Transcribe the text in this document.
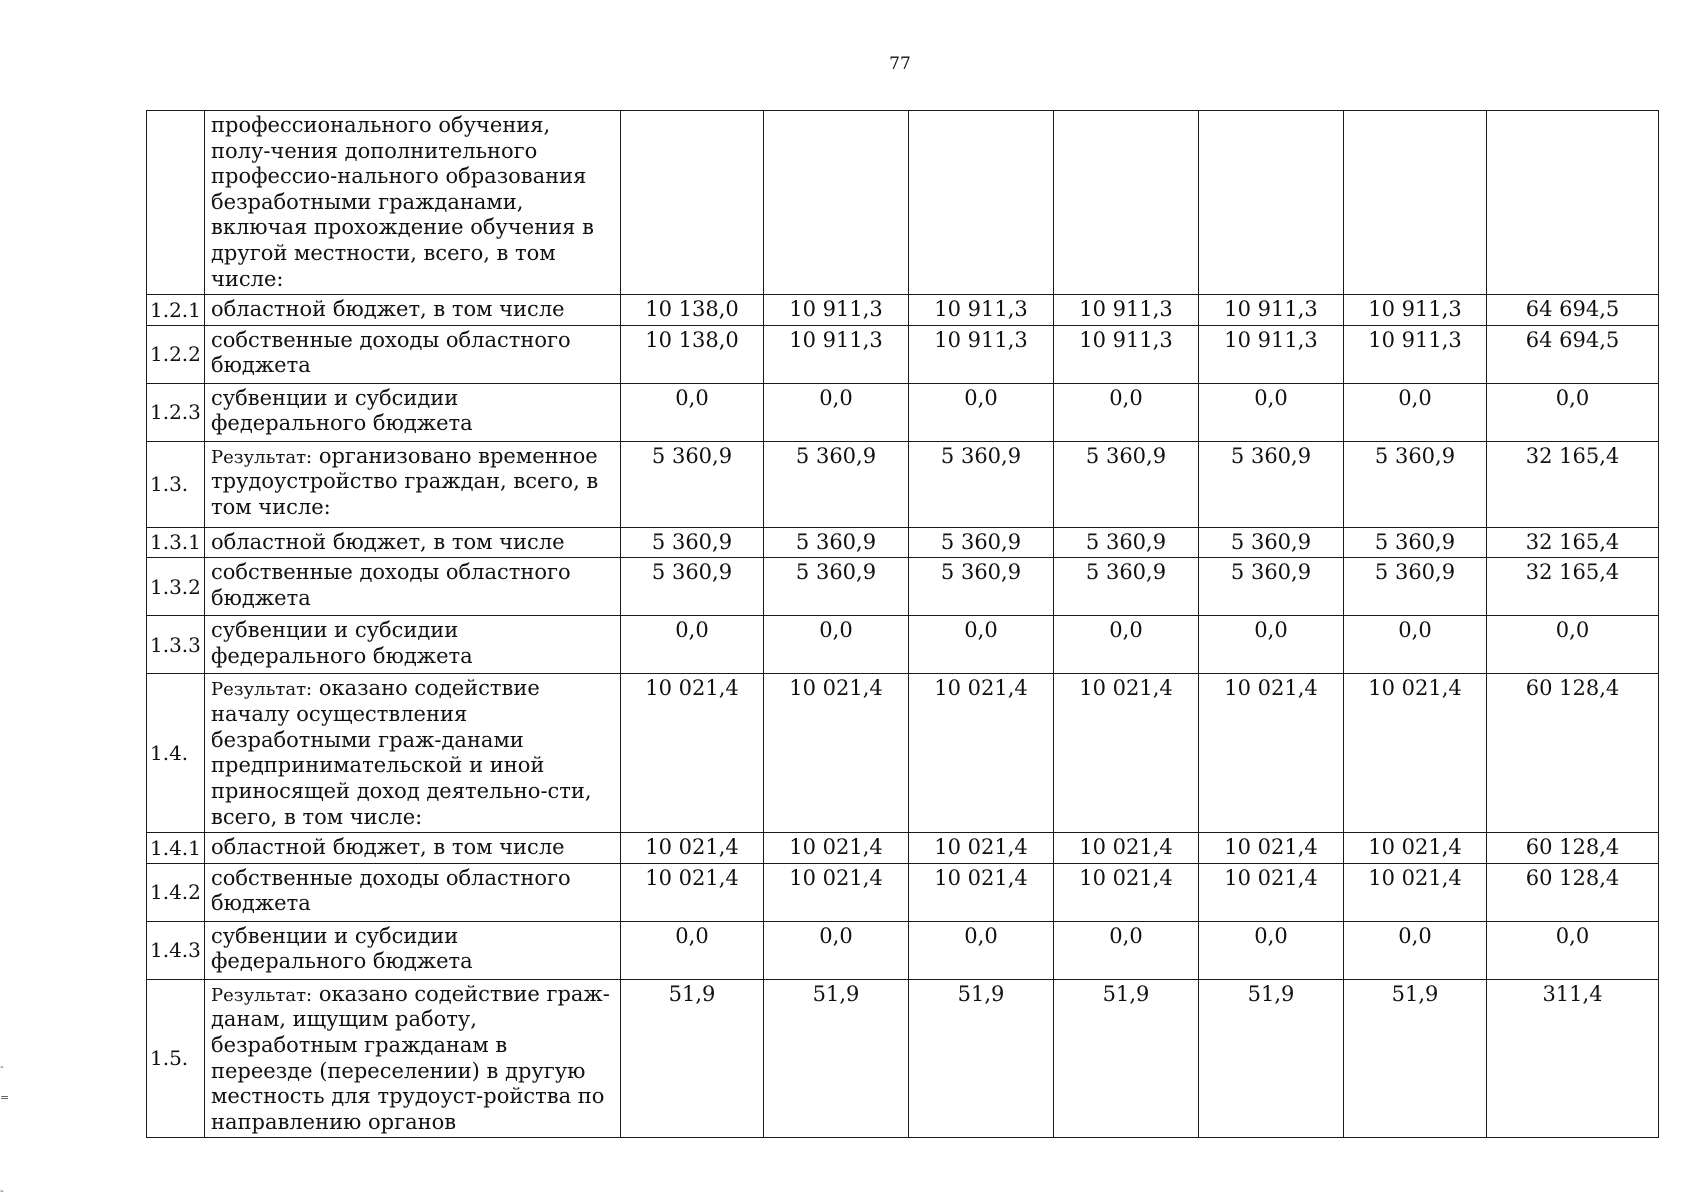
77
	профессионального обучения, полу-чения дополнительного профессио-нального образования безработными гражданами, включая прохождение обучения в другой местности, всего, в том числе:							
1.2.1	областной бюджет, в том числе	10 138,0	10 911,3	10 911,3	10 911,3	10 911,3	10 911,3	64 694,5
1.2.2	собственные доходы областного бюджета	10 138,0	10 911,3	10 911,3	10 911,3	10 911,3	10 911,3	64 694,5
1.2.3	субвенции и субсидии федерального бюджета	0,0	0,0	0,0	0,0	0,0	0,0	0,0
1.3.	Результат: организовано временное трудоустройство граждан, всего, в том числе:	5 360,9	5 360,9	5 360,9	5 360,9	5 360,9	5 360,9	32 165,4
1.3.1	областной бюджет, в том числе	5 360,9	5 360,9	5 360,9	5 360,9	5 360,9	5 360,9	32 165,4
1.3.2	собственные доходы областного бюджета	5 360,9	5 360,9	5 360,9	5 360,9	5 360,9	5 360,9	32 165,4
1.3.3	субвенции и субсидии федерального бюджета	0,0	0,0	0,0	0,0	0,0	0,0	0,0
1.4.	Результат: оказано содействие началу осуществления безработными граж-данами предпринимательской и иной приносящей доход деятельно-сти, всего, в том числе:	10 021,4	10 021,4	10 021,4	10 021,4	10 021,4	10 021,4	60 128,4
1.4.1	областной бюджет, в том числе	10 021,4	10 021,4	10 021,4	10 021,4	10 021,4	10 021,4	60 128,4
1.4.2	собственные доходы областного бюджета	10 021,4	10 021,4	10 021,4	10 021,4	10 021,4	10 021,4	60 128,4
1.4.3	субвенции и субсидии федерального бюджета	0,0	0,0	0,0	0,0	0,0	0,0	0,0
1.5.	Результат: оказано содействие граж-данам, ищущим работу, безработным гражданам в переезде (переселении) в другую местность для трудоуст-ройства по направлению органов	51,9	51,9	51,9	51,9	51,9	51,9	311,4
-
=
-
